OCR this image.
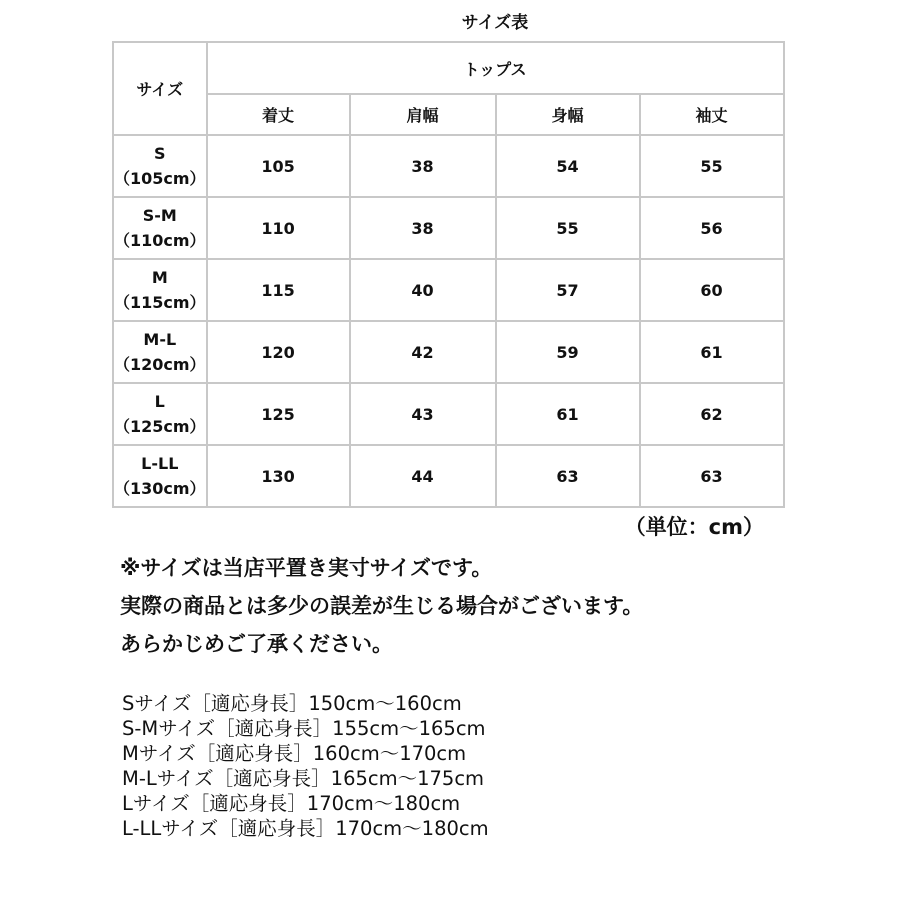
サイズ表
サイズ	トップス			
	着丈	肩幅	身幅	袖丈

S
（105cm）	105	38	54	55

S-M
（110cm）	110	38	55	56

M
（115cm）	115	40	57	60

M-L
（120cm）	120	42	59	61

L
（125cm）	125	43	61	62

L-LL
（130cm）	130	44	63	63
（単位：cm）
※サイズは当店平置き実寸サイズです。
実際の商品とは多少の誤差が生じる場合がございます。
あらかじめご了承ください。
Sサイズ［適応身長］150cm～160cm
S-Mサイズ［適応身長］155cm～165cm
Mサイズ［適応身長］160cm～170cm
M-Lサイズ［適応身長］165cm～175cm
Lサイズ［適応身長］170cm～180cm
L-LLサイズ［適応身長］170cm～180cm
